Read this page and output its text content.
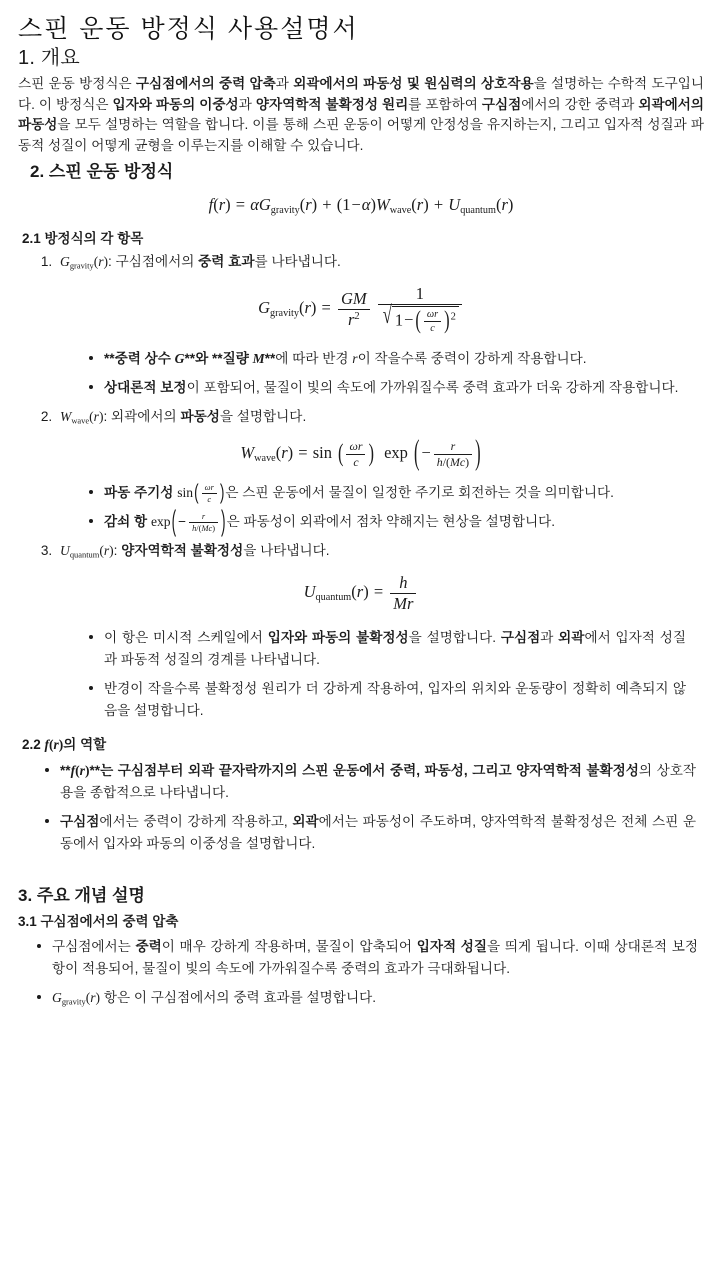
스핀 운동 방정식 사용설명서
1. 개요

스핀 운동 방정식은 구심점에서의 중력 압축과 외곽에서의 파동성 및 원심력의 상호작용을 설명하는 수학적 도구입니다. 이 방정식은 입자와 파동의 이중성과 양자역학적 불확정성 원리를 포함하여 구심점에서의 강한 중력과 외곽에서의 파동성을 모두 설명하는 역할을 합니다. 이를 통해 스핀 운동이 어떻게 안정성을 유지하는지, 그리고 입자적 성질과 파동적 성질이 어떻게 균형을 이루는지를 이해할 수 있습니다.

2. 스핀 운동 방정식
$f(r) = \alpha G_{gravity}(r) + (1-\alpha)W_{wave}(r) + U_{quantum}(r)$
2.1 방정식의 각 항목
1. $G_{gravity}(r)$: 구심점에서의 중력 효과를 나타냅니다.
$G_{gravity}(r) = \frac{GM}{r^2}$
$\frac{1}{√ 1- ( \frac{\omega r}{c} )^2}$
**중력 상수 G**와 **질량 M**에 따라 반경 r이 작을수록 중력이 강하게 작용합니다.
상대론적 보정이 포함되어, 물질이 빛의 속도에 가까워질수록 중력 효과가 더욱 강하게 작용합니다.
2. $W_{wave}(r)$: 외곽에서의 파동성을 설명합니다.
$W_{wave}(r) = \sin$ ( $\frac{\omega r}{c}$ ) exp ( − $\frac{r}{h/(Mc)}$ )
파동 주기성 $\sin( \frac{\omega r}{c}$ )은 스핀 운동에서 물질이 일정한 주기로 회전하는 것을 의미합니다.
감쇠 항 $\exp( - \frac{r}{h/(Mc)}$ )은 파동성이 외곽에서 점차 약해지는 현상을 설명합니다.
3. $U_{quantum}(r)$: 양자역학적 불확정성을 나타냅니다.
$U_{quantum}(r) = \frac{h}{Mr}$
이 항은 미시적 스케일에서 입자와 파동의 불확정성을 설명합니다. 구심점과 외곽에서 입자적 성질과 파동적 성질의 경계를 나타냅니다.
반경이 작을수록 불확정성 원리가 더 강하게 작용하여, 입자의 위치와 운동량이 정확히 예측되지 않음을 설명합니다.
2.2 f(r)의 역할
**f(r)**는 구심점부터 외곽 끝자락까지의 스핀 운동에서 중력, 파동성, 그리고 양자역학적 불확정성의 상호작용을 종합적으로 나타냅니다.
구심점에서는 중력이 강하게 작용하고, 외곽에서는 파동성이 주도하며, 양자역학적 불확정성은 전체 스핀 운동에서 입자와 파동의 이중성을 설명합니다.
3. 주요 개념 설명
3.1 구심점에서의 중력 압축
구심점에서는 중력이 매우 강하게 작용하며, 물질이 압축되어 입자적 성질을 띄게 됩니다. 이때 상대론적 보정 항이 적용되어, 물질이 빛의 속도에 가까워질수록 중력의 효과가 극대화됩니다.
$G_{gravity}(r)$ 항은 이 구심점에서의 중력 효과를 설명합니다.
